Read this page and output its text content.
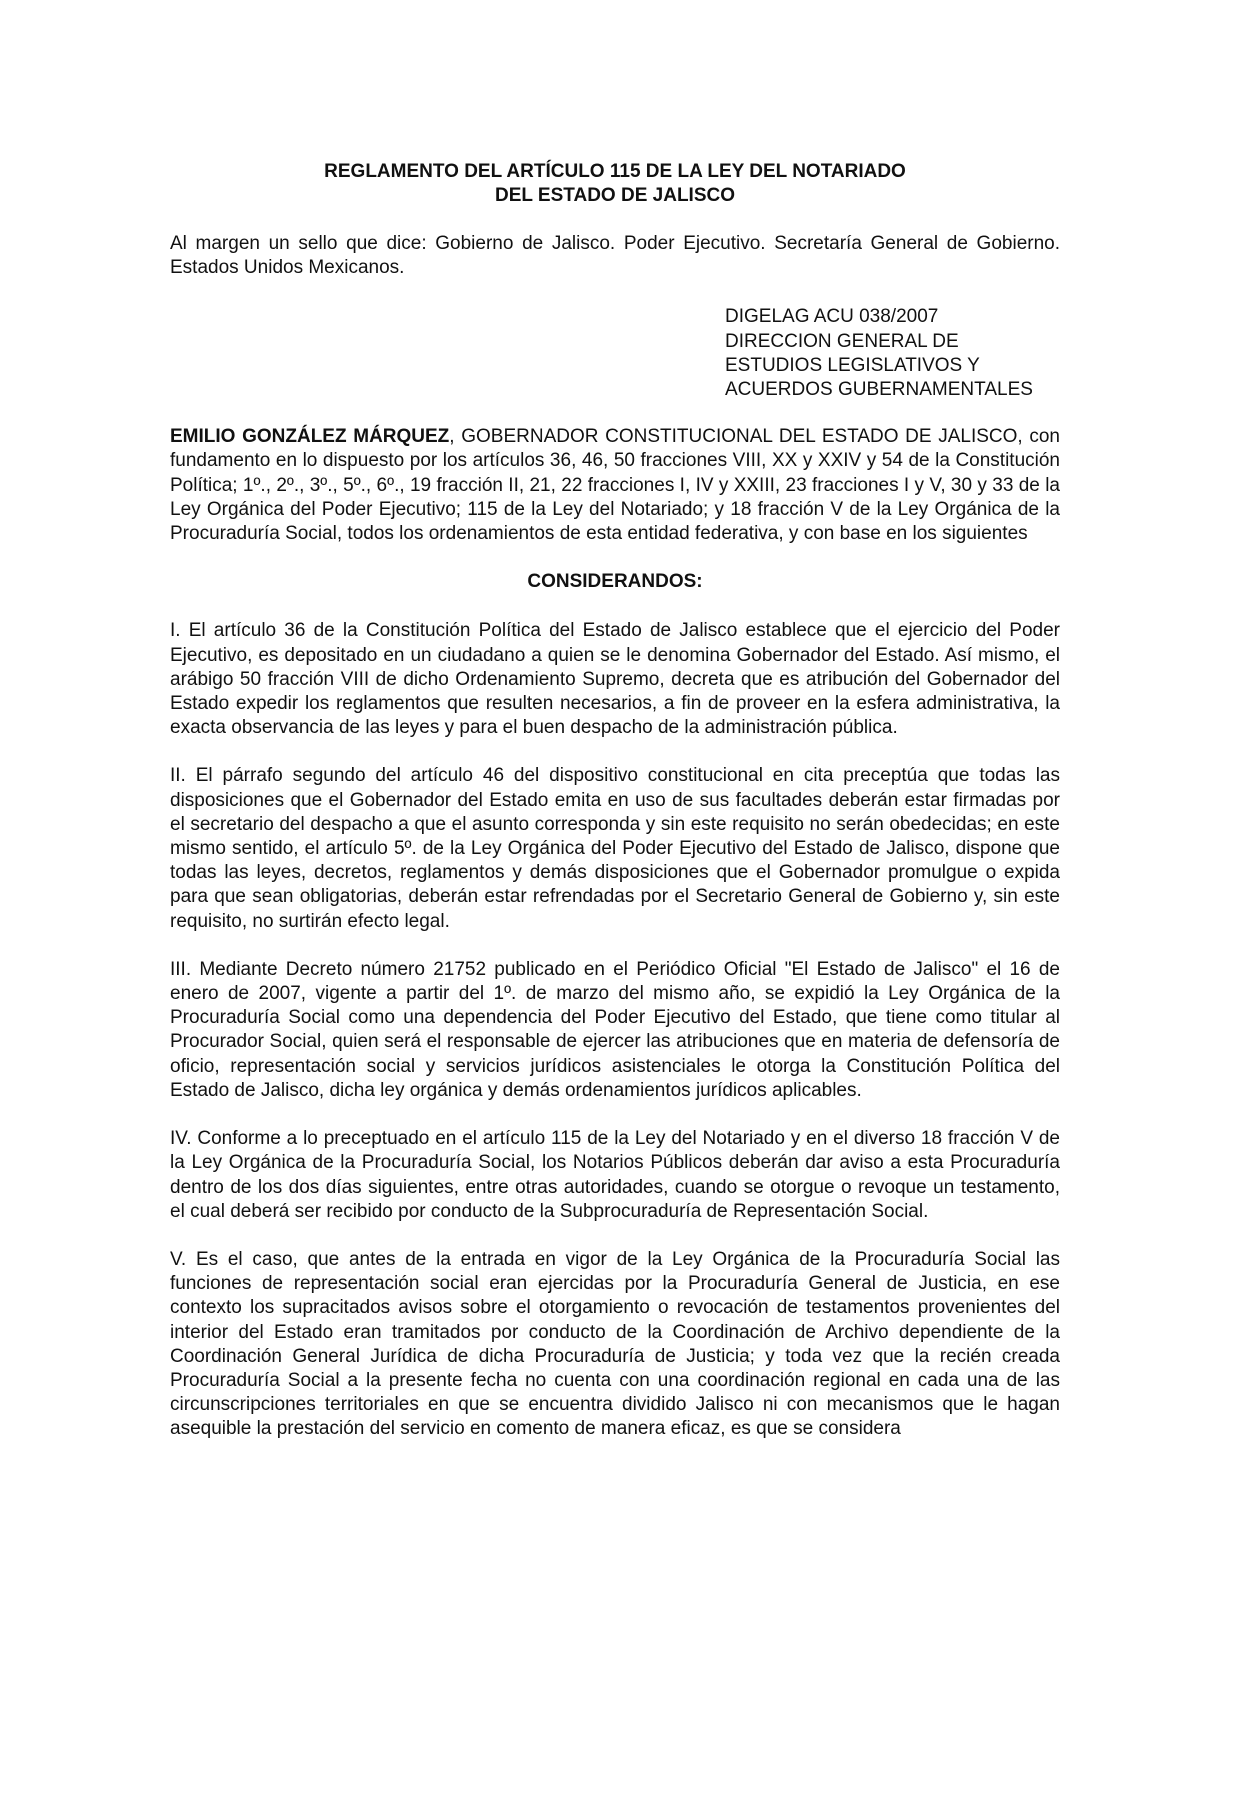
REGLAMENTO DEL ARTÍCULO 115 DE LA LEY DEL NOTARIADO
DEL ESTADO DE JALISCO

Al margen un sello que dice: Gobierno de Jalisco. Poder Ejecutivo. Secretaría General de Gobierno. Estados Unidos Mexicanos.

DIGELAG ACU 038/2007
DIRECCION GENERAL DE
ESTUDIOS LEGISLATIVOS Y
ACUERDOS GUBERNAMENTALES

EMILIO GONZÁLEZ MÁRQUEZ, GOBERNADOR CONSTITUCIONAL DEL ESTADO DE JALISCO, con fundamento en lo dispuesto por los artículos 36, 46, 50 fracciones VIII, XX y XXIV y 54 de la Constitución Política; 1º., 2º., 3º., 5º., 6º., 19 fracción II, 21, 22 fracciones I, IV y XXIII, 23 fracciones I y V, 30 y 33 de la Ley Orgánica del Poder Ejecutivo; 115 de la Ley del Notariado; y 18 fracción V de la Ley Orgánica de la Procuraduría Social, todos los ordenamientos de esta entidad federativa, y con base en los siguientes

CONSIDERANDOS:

I. El artículo 36 de la Constitución Política del Estado de Jalisco establece que el ejercicio del Poder Ejecutivo, es depositado en un ciudadano a quien se le denomina Gobernador del Estado. Así mismo, el arábigo 50 fracción VIII de dicho Ordenamiento Supremo, decreta que es atribución del Gobernador del Estado expedir los reglamentos que resulten necesarios, a fin de proveer en la esfera administrativa, la exacta observancia de las leyes y para el buen despacho de la administración pública.

II. El párrafo segundo del artículo 46 del dispositivo constitucional en cita preceptúa que todas las disposiciones que el Gobernador del Estado emita en uso de sus facultades deberán estar firmadas por el secretario del despacho a que el asunto corresponda y sin este requisito no serán obedecidas; en este mismo sentido, el artículo 5º. de la Ley Orgánica del Poder Ejecutivo del Estado de Jalisco, dispone que todas las leyes, decretos, reglamentos y demás disposiciones que el Gobernador promulgue o expida para que sean obligatorias, deberán estar refrendadas por el Secretario General de Gobierno y, sin este requisito, no surtirán efecto legal.

III. Mediante Decreto número 21752 publicado en el Periódico Oficial "El Estado de Jalisco" el 16 de enero de 2007, vigente a partir del 1º. de marzo del mismo año, se expidió la Ley Orgánica de la Procuraduría Social como una dependencia del Poder Ejecutivo del Estado, que tiene como titular al Procurador Social, quien será el responsable de ejercer las atribuciones que en materia de defensoría de oficio, representación social y servicios jurídicos asistenciales le otorga la Constitución Política del Estado de Jalisco, dicha ley orgánica y demás ordenamientos jurídicos aplicables.

IV. Conforme a lo preceptuado en el artículo 115 de la Ley del Notariado y en el diverso 18 fracción V de la Ley Orgánica de la Procuraduría Social, los Notarios Públicos deberán dar aviso a esta Procuraduría dentro de los dos días siguientes, entre otras autoridades, cuando se otorgue o revoque un testamento, el cual deberá ser recibido por conducto de la Subprocuraduría de Representación Social.

V. Es el caso, que antes de la entrada en vigor de la Ley Orgánica de la Procuraduría Social las funciones de representación social eran ejercidas por la Procuraduría General de Justicia, en ese contexto los supracitados avisos sobre el otorgamiento o revocación de testamentos provenientes del interior del Estado eran tramitados por conducto de la Coordinación de Archivo dependiente de la Coordinación General Jurídica de dicha Procuraduría de Justicia; y toda vez que la recién creada Procuraduría Social a la presente fecha no cuenta con una coordinación regional en cada una de las circunscripciones territoriales en que se encuentra dividido Jalisco ni con mecanismos que le hagan asequible la prestación del servicio en comento de manera eficaz, es que se considera
